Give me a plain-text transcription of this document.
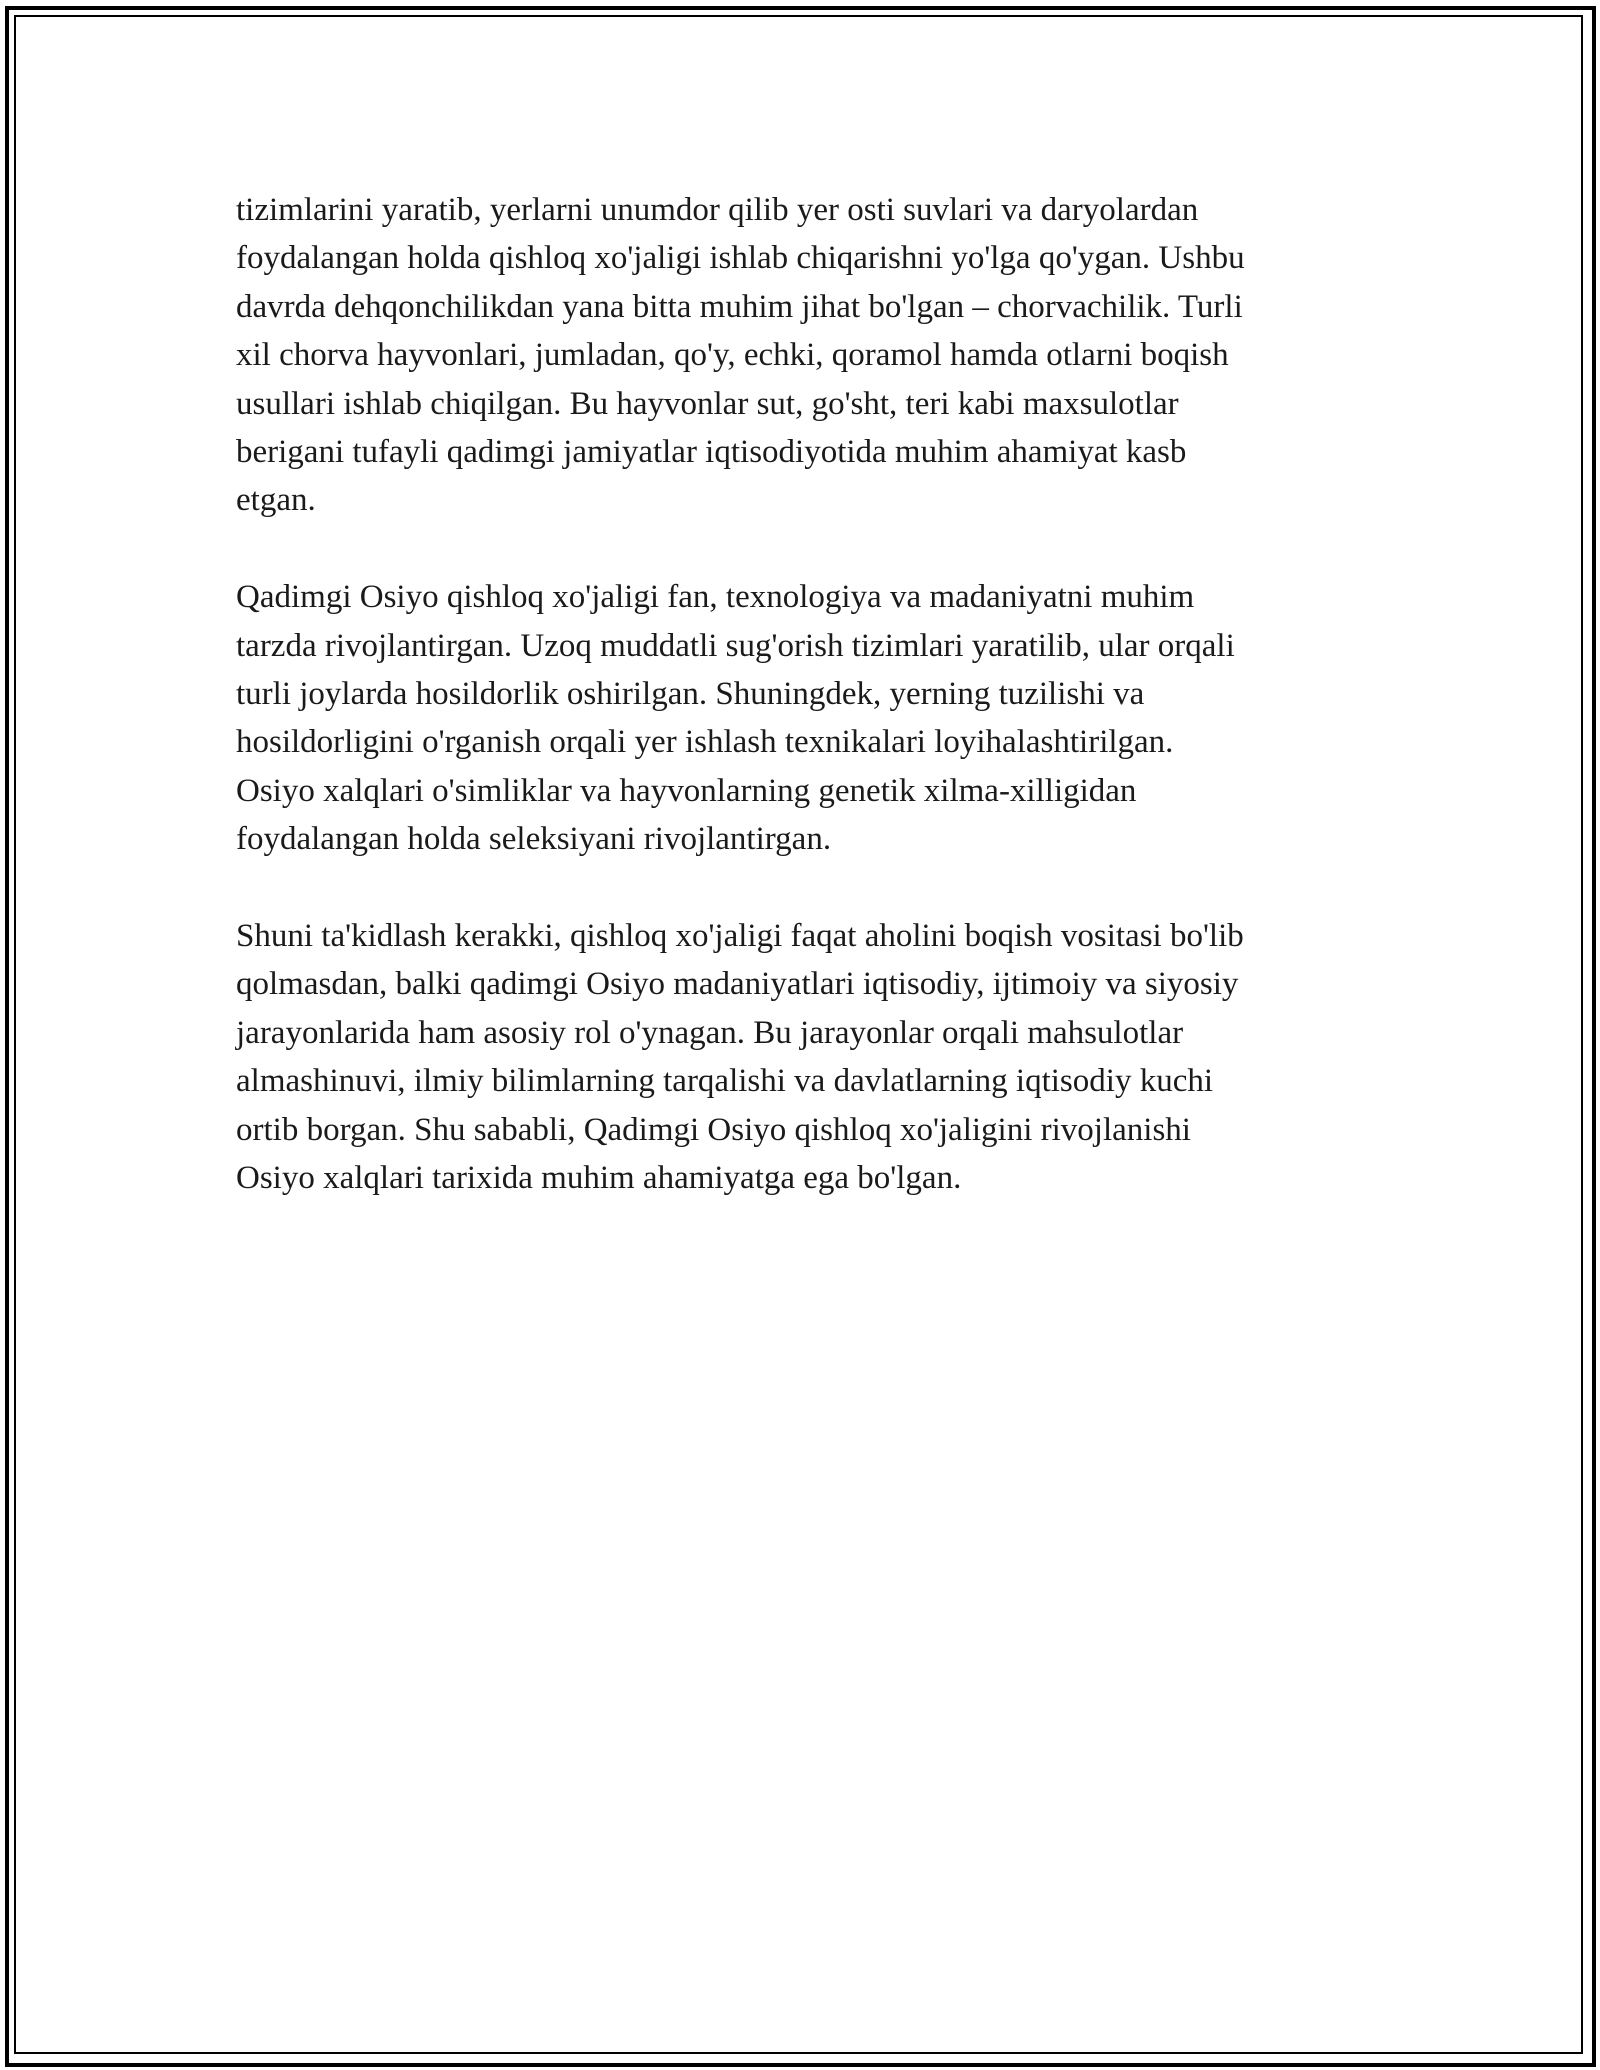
tizimlarini yaratib, yerlarni unumdor qilib yer osti suvlari va daryolardan
foydalangan holda qishloq xo'jaligi ishlab chiqarishni yo'lga qo'ygan. Ushbu
davrda dehqonchilikdan yana bitta muhim jihat bo'lgan – chorvachilik. Turli
xil chorva hayvonlari, jumladan, qo'y, echki, qoramol hamda otlarni boqish
usullari ishlab chiqilgan. Bu hayvonlar sut, go'sht, teri kabi maxsulotlar
berigani tufayli qadimgi jamiyatlar iqtisodiyotida muhim ahamiyat kasb
etgan.
Qadimgi Osiyo qishloq xo'jaligi fan, texnologiya va madaniyatni muhim
tarzda rivojlantirgan. Uzoq muddatli sug'orish tizimlari yaratilib, ular orqali
turli joylarda hosildorlik oshirilgan. Shuningdek, yerning tuzilishi va
hosildorligini o'rganish orqali yer ishlash texnikalari loyihalashtirilgan.
Osiyo xalqlari o'simliklar va hayvonlarning genetik xilma-xilligidan
foydalangan holda seleksiyani rivojlantirgan.
Shuni ta'kidlash kerakki, qishloq xo'jaligi faqat aholini boqish vositasi bo'lib
qolmasdan, balki qadimgi Osiyo madaniyatlari iqtisodiy, ijtimoiy va siyosiy
jarayonlarida ham asosiy rol o'ynagan. Bu jarayonlar orqali mahsulotlar
almashinuvi, ilmiy bilimlarning tarqalishi va davlatlarning iqtisodiy kuchi
ortib borgan. Shu sababli, Qadimgi Osiyo qishloq xo'jaligini rivojlanishi
Osiyo xalqlari tarixida muhim ahamiyatga ega bo'lgan.
